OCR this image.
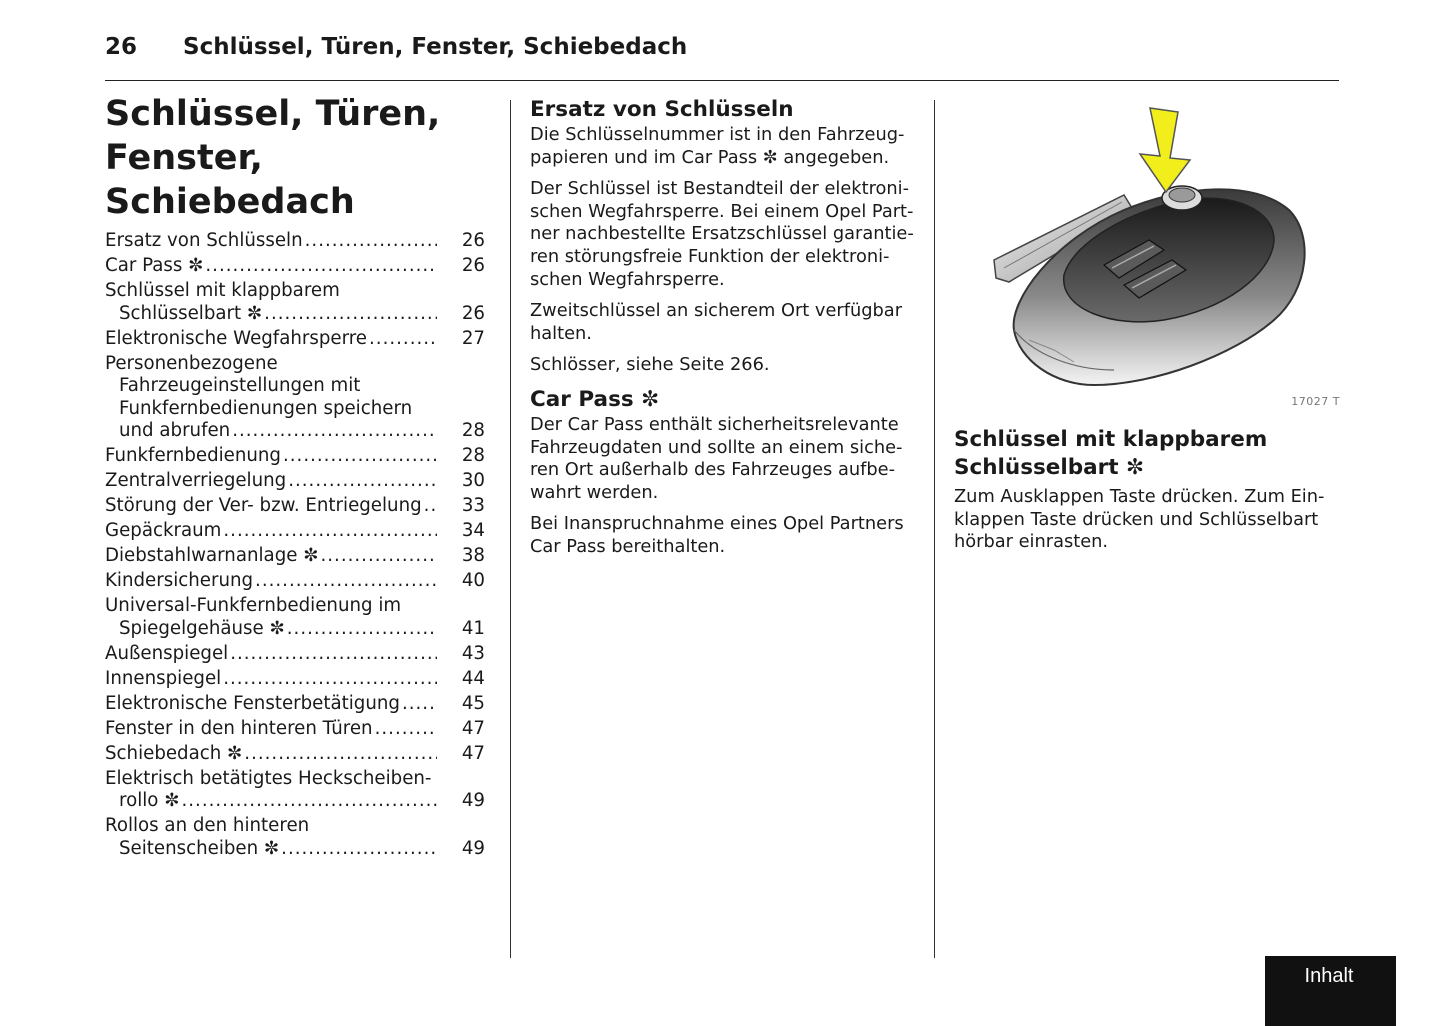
26 Schlüssel, Türen, Fenster, Schiebedach
Schlüssel, Türen,
Fenster, Schiebedach
Ersatz von Schlüsseln .....	26
Car Pass ✼ .....	26
Schlüssel mit klappbarem
Schlüsselbart ✼ .....	26
Elektronische Wegfahrsperre .....	27
Personenbezogene
Fahrzeugeinstellungen mit
Funkfernbedienungen speichern
und abrufen .....	28
Funkfernbedienung .....	28
Zentralverriegelung .....	30
Störung der Ver- bzw. Entriegelung .....	33
Gepäckraum .....	34
Diebstahlwarnanlage ✼ .....	38
Kindersicherung .....	40
Universal-Funkfernbedienung im
Spiegelgehäuse ✼ .....	41
Außenspiegel .....	43
Innenspiegel .....	44
Elektronische Fensterbetätigung .....	45
Fenster in den hinteren Türen .....	47
Schiebedach ✼ .....	47
Elektrisch betätigtes Heckscheiben-
rollo ✼ .....	49
Rollos an den hinteren
Seitenscheiben ✼ .....	49
Ersatz von Schlüsseln

Die Schlüsselnummer ist in den Fahrzeug-papieren und im Car Pass ✼ angegeben.

Der Schlüssel ist Bestandteil der elektroni-schen Wegfahrsperre. Bei einem Opel Part-ner nachbestellte Ersatzschlüssel garantie-ren störungsfreie Funktion der elektroni-schen Wegfahrsperre.

Zweitschlüssel an sicherem Ort verfügbar halten.

Schlösser, siehe Seite 266.

Car Pass ✼

Der Car Pass enthält sicherheitsrelevante Fahrzeugdaten und sollte an einem siche-ren Ort außerhalb des Fahrzeuges aufbe-wahrt werden.

Bei Inanspruchnahme eines Opel Partners Car Pass bereithalten.

17027 T
Schlüssel mit klappbarem
Schlüsselbart ✼

Zum Ausklappen Taste drücken. Zum Ein-klappen Taste drücken und Schlüsselbart hörbar einrasten.

Inhalt
